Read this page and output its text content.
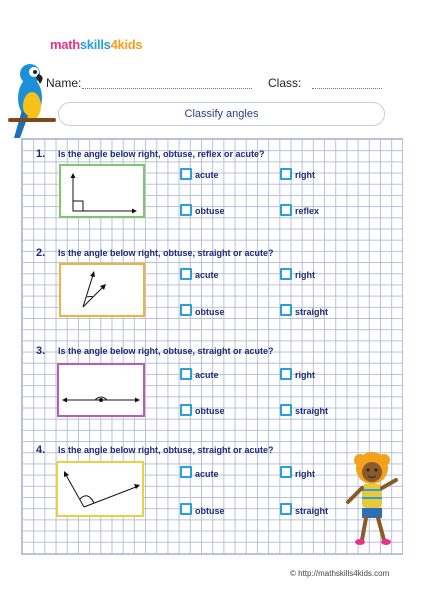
mathskills4kids
Name:	Class:
Classify angles
1. Is the angle below right, obtuse, reflex or acute?
acute	right
obtuse	reflex
2. Is the angle below right, obtuse, straight or acute?
acute	right
obtuse	straight
3. Is the angle below right, obtuse, straight or acute?
acute	right
obtuse	straight
4. Is the angle below right, obtuse, straight or acute?
acute	right
obtuse	straight
© http://mathskills4kids.com
